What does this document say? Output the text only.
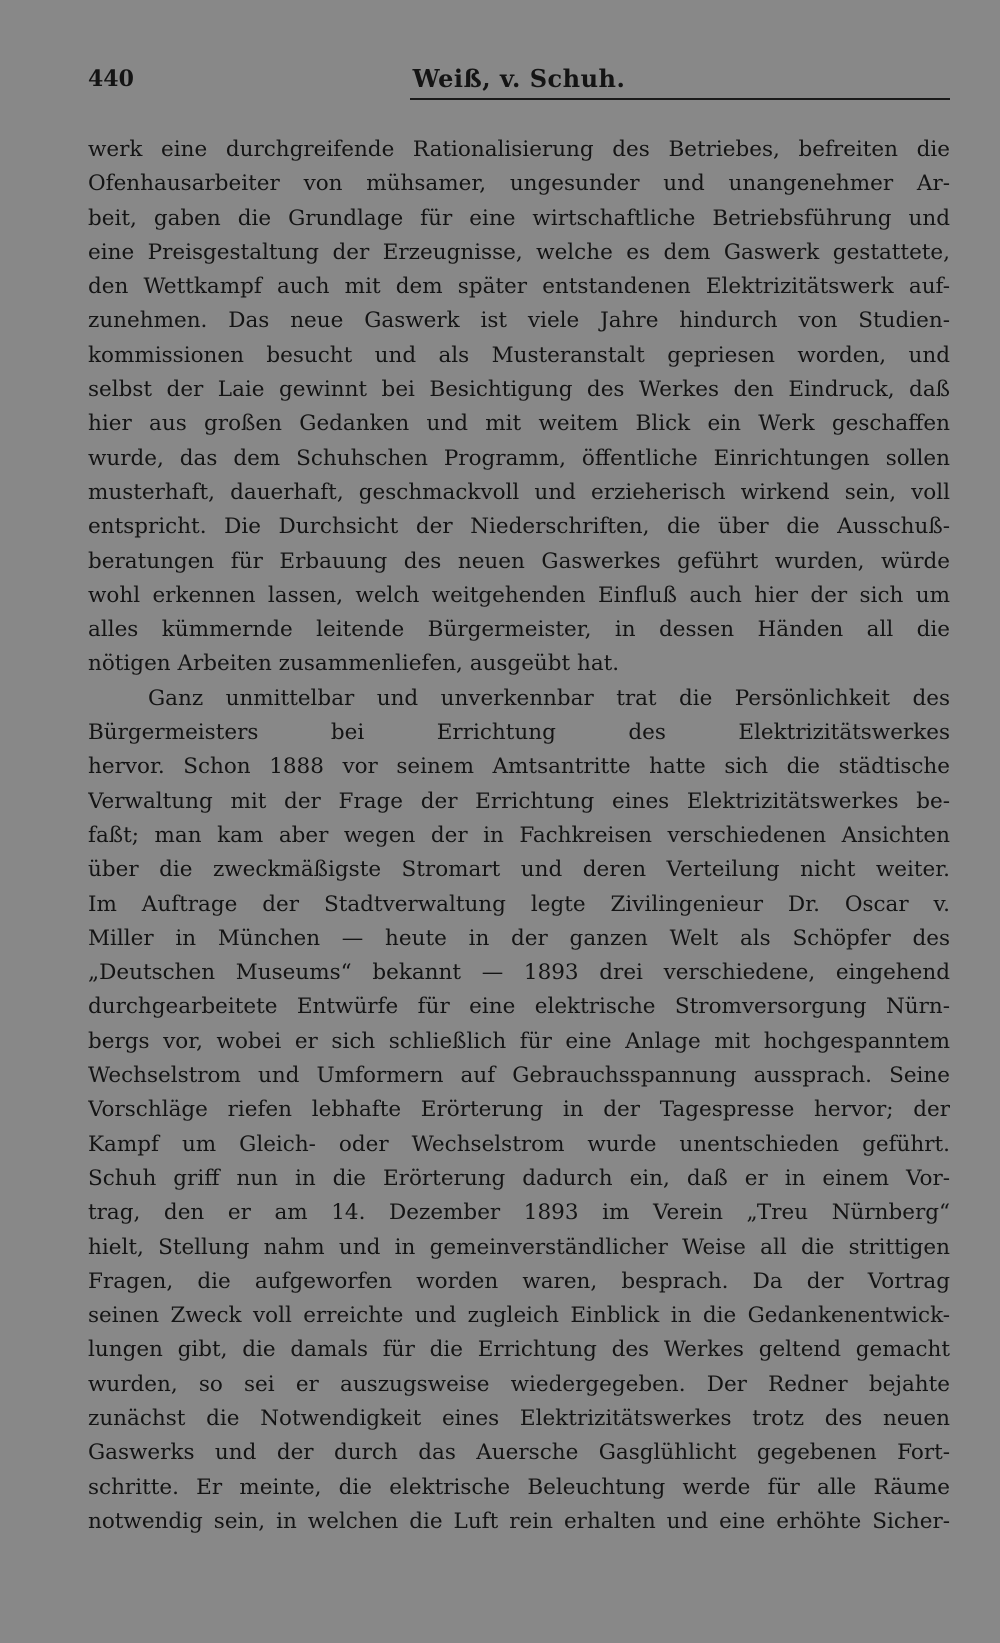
440	Weiß, v. Schuh.
werk eine durchgreifende Rationalisierung des Betriebes, befreiten die
Ofenhausarbeiter von mühsamer, ungesunder und unangenehmer Ar-
beit, gaben die Grundlage für eine wirtschaftliche Betriebsführung und
eine Preisgestaltung der Erzeugnisse, welche es dem Gaswerk gestattete,
den Wettkampf auch mit dem später entstandenen Elektrizitätswerk auf-
zunehmen. Das neue Gaswerk ist viele Jahre hindurch von Studien-
kommissionen besucht und als Musteranstalt gepriesen worden, und
selbst der Laie gewinnt bei Besichtigung des Werkes den Eindruck, daß
hier aus großen Gedanken und mit weitem Blick ein Werk geschaffen
wurde, das dem Schuhschen Programm, öffentliche Einrichtungen sollen
musterhaft, dauerhaft, geschmackvoll und erzieherisch wirkend sein, voll
entspricht. Die Durchsicht der Niederschriften, die über die Ausschuß-
beratungen für Erbauung des neuen Gaswerkes geführt wurden, würde
wohl erkennen lassen, welch weitgehenden Einfluß auch hier der sich um
alles kümmernde leitende Bürgermeister, in dessen Händen all die
nötigen Arbeiten zusammenliefen, ausgeübt hat.
Ganz unmittelbar und unverkennbar trat die Persönlichkeit des
Bürgermeisters bei Errichtung des Elektrizitätswerkes
hervor. Schon 1888 vor seinem Amtsantritte hatte sich die städtische
Verwaltung mit der Frage der Errichtung eines Elektrizitätswerkes be-
faßt; man kam aber wegen der in Fachkreisen verschiedenen Ansichten
über die zweckmäßigste Stromart und deren Verteilung nicht weiter.
Im Auftrage der Stadtverwaltung legte Zivilingenieur Dr. Oscar v.
Miller in München — heute in der ganzen Welt als Schöpfer des
„Deutschen Museums“ bekannt — 1893 drei verschiedene, eingehend
durchgearbeitete Entwürfe für eine elektrische Stromversorgung Nürn-
bergs vor, wobei er sich schließlich für eine Anlage mit hochgespanntem
Wechselstrom und Umformern auf Gebrauchsspannung aussprach. Seine
Vorschläge riefen lebhafte Erörterung in der Tagespresse hervor; der
Kampf um Gleich- oder Wechselstrom wurde unentschieden geführt.
Schuh griff nun in die Erörterung dadurch ein, daß er in einem Vor-
trag, den er am 14. Dezember 1893 im Verein „Treu Nürnberg“
hielt, Stellung nahm und in gemeinverständlicher Weise all die strittigen
Fragen, die aufgeworfen worden waren, besprach. Da der Vortrag
seinen Zweck voll erreichte und zugleich Einblick in die Gedankenentwick-
lungen gibt, die damals für die Errichtung des Werkes geltend gemacht
wurden, so sei er auszugsweise wiedergegeben. Der Redner bejahte
zunächst die Notwendigkeit eines Elektrizitätswerkes trotz des neuen
Gaswerks und der durch das Auersche Gasglühlicht gegebenen Fort-
schritte. Er meinte, die elektrische Beleuchtung werde für alle Räume
notwendig sein, in welchen die Luft rein erhalten und eine erhöhte Sicher-
